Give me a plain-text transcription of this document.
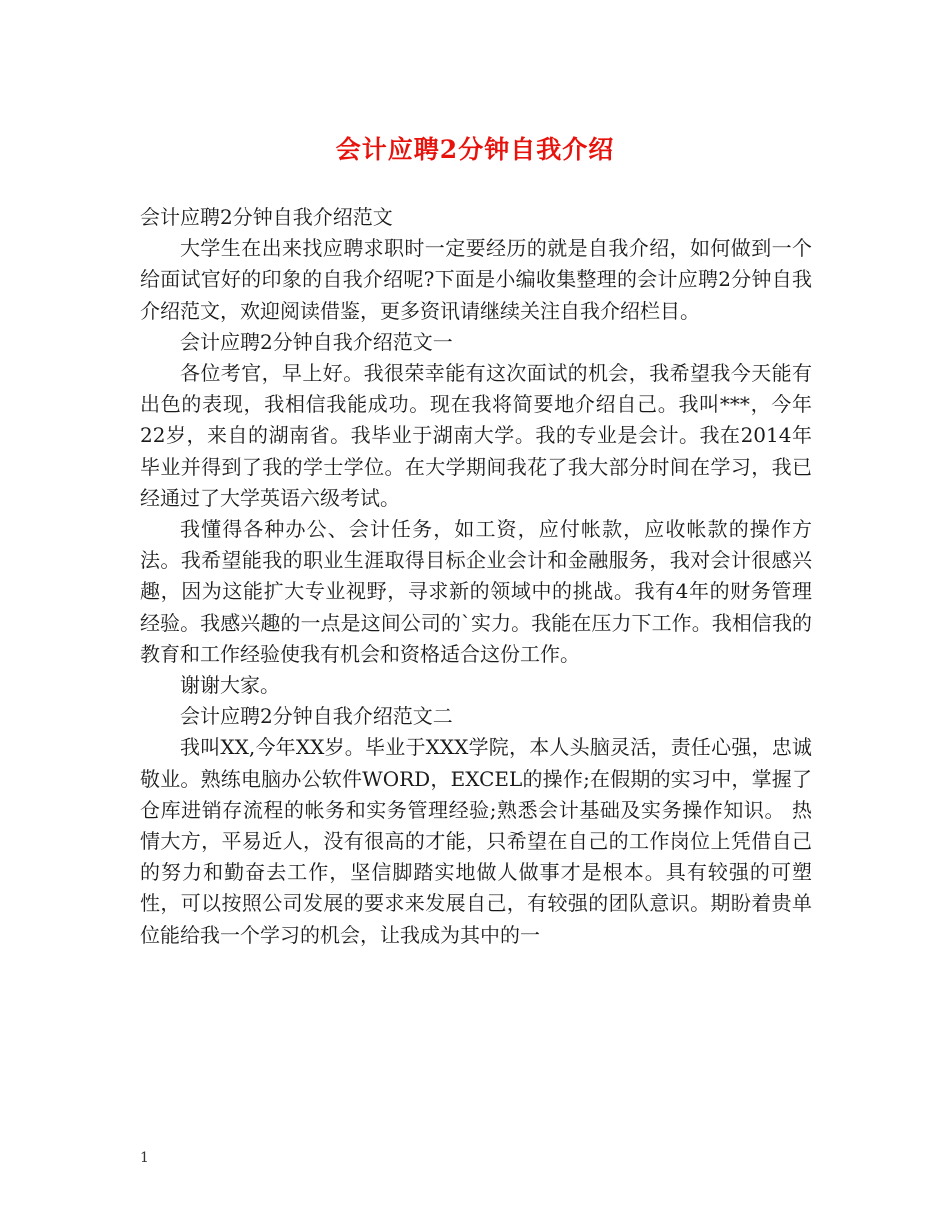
会计应聘2分钟自我介绍

会计应聘2分钟自我介绍范文

大学生在出来找应聘求职时一定要经历的就是自我介绍，如何做到一个给面试官好的印象的自我介绍呢?下面是小编收集整理的会计应聘2分钟自我介绍范文，欢迎阅读借鉴，更多资讯请继续关注自我介绍栏目。

会计应聘2分钟自我介绍范文一

各位考官，早上好。我很荣幸能有这次面试的机会，我希望我今天能有出色的表现，我相信我能成功。现在我将简要地介绍自己。我叫***，今年22岁，来自的湖南省。我毕业于湖南大学。我的专业是会计。我在2014年毕业并得到了我的学士学位。在大学期间我花了我大部分时间在学习，我已经通过了大学英语六级考试。

我懂得各种办公、会计任务，如工资，应付帐款，应收帐款的操作方法。我希望能我的职业生涯取得目标企业会计和金融服务，我对会计很感兴趣，因为这能扩大专业视野，寻求新的领域中的挑战。我有4年的财务管理经验。我感兴趣的一点是这间公司的`实力。我能在压力下工作。我相信我的教育和工作经验使我有机会和资格适合这份工作。

谢谢大家。

会计应聘2分钟自我介绍范文二

我叫XX,今年XX岁。毕业于XXX学院，本人头脑灵活，责任心强，忠诚敬业。熟练电脑办公软件WORD，EXCEL的操作;在假期的实习中，掌握了仓库进销存流程的帐务和实务管理经验;熟悉会计基础及实务操作知识。 热情大方，平易近人，没有很高的才能，只希望在自己的工作岗位上凭借自己的努力和勤奋去工作，坚信脚踏实地做人做事才是根本。具有较强的可塑性，可以按照公司发展的要求来发展自己，有较强的团队意识。期盼着贵单位能给我一个学习的机会，让我成为其中的一

1
